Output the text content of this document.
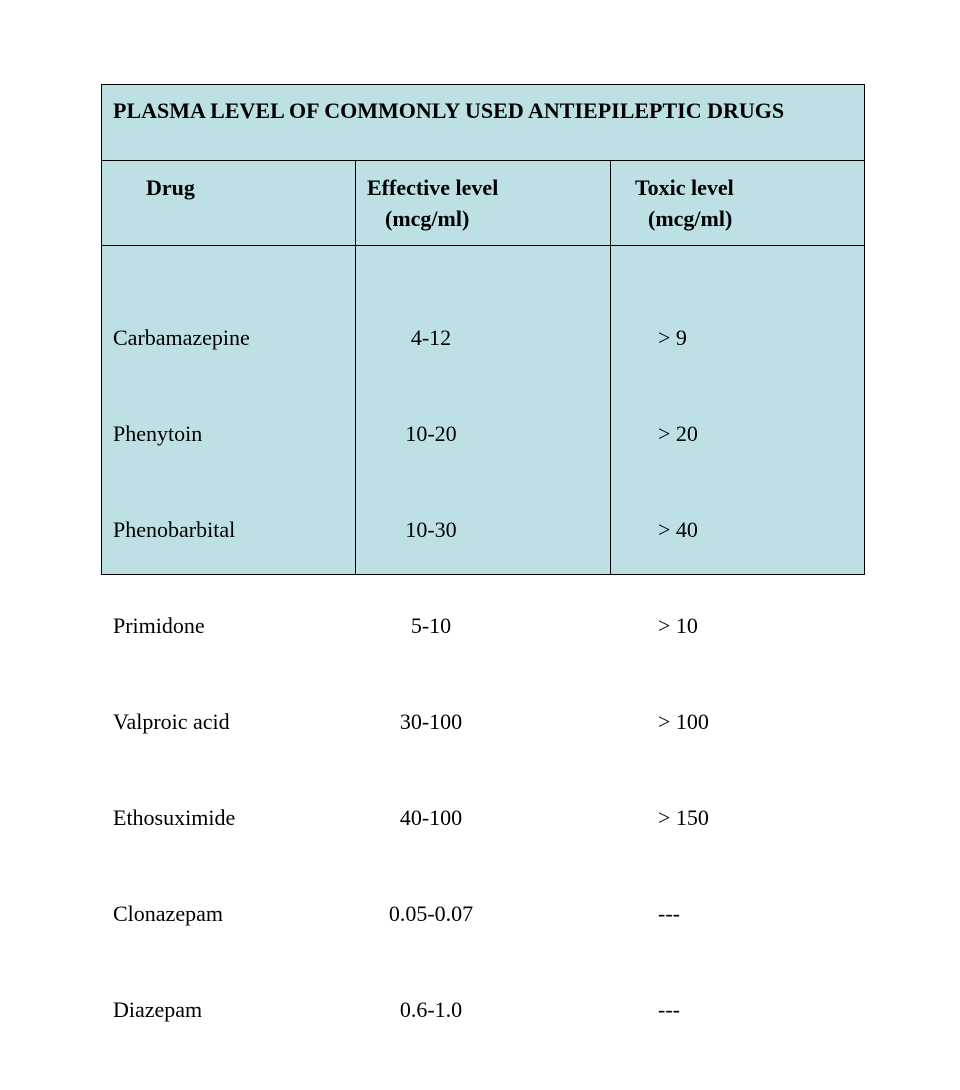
PLASMA LEVEL OF COMMONLY USED ANTIEPILEPTIC DRUGS
Drug	Effective level
(mcg/ml)
Toxic level
(mcg/ml)

Carbamazepine

Phenytoin

Phenobarbital

Primidone

Valproic acid

Ethosuximide

Clonazepam

Diazepam

4-12

10-20

10-30

5-10

30-100

40-100

0.05-0.07

0.6-1.0

> 9

> 20

> 40

> 10

> 100

> 150

---

---
